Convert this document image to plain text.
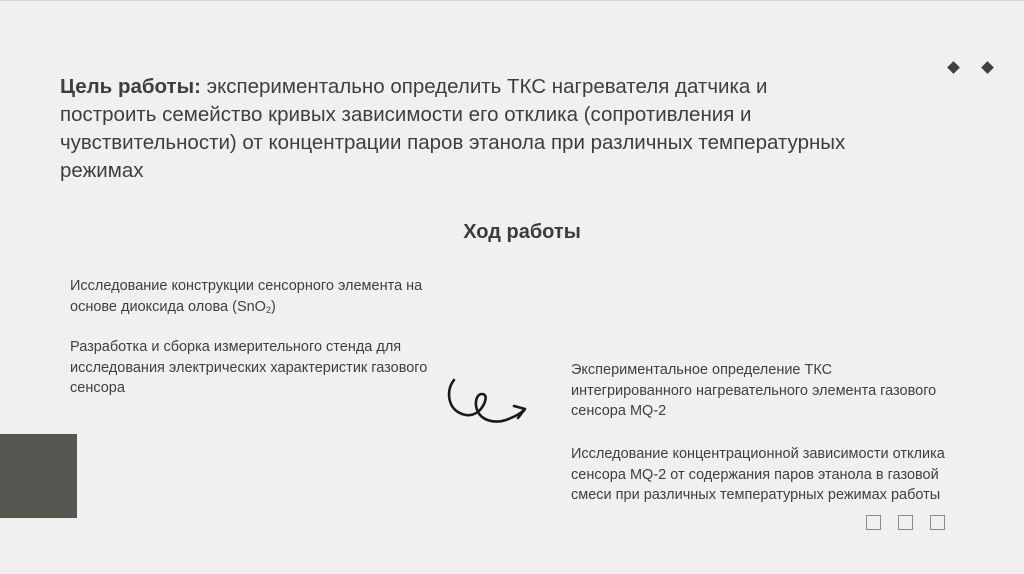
Цель работы: экспериментально определить ТКС нагревателя датчика и построить семейство кривых зависимости его отклика (сопротивления и чувствительности) от концентрации паров этанола при различных температурных режимах
Ход работы

Исследование конструкции сенсорного элемента на основе диоксида олова (SnO$_2$)

Разработка и сборка измерительного стенда для исследования электрических характеристик газового сенсора

Экспериментальное определение ТКС интегрированного нагревательного элемента газового сенсора MQ-2

Исследование концентрационной зависимости отклика сенсора MQ-2 от содержания паров этанола в газовой смеси при различных температурных режимах работы
